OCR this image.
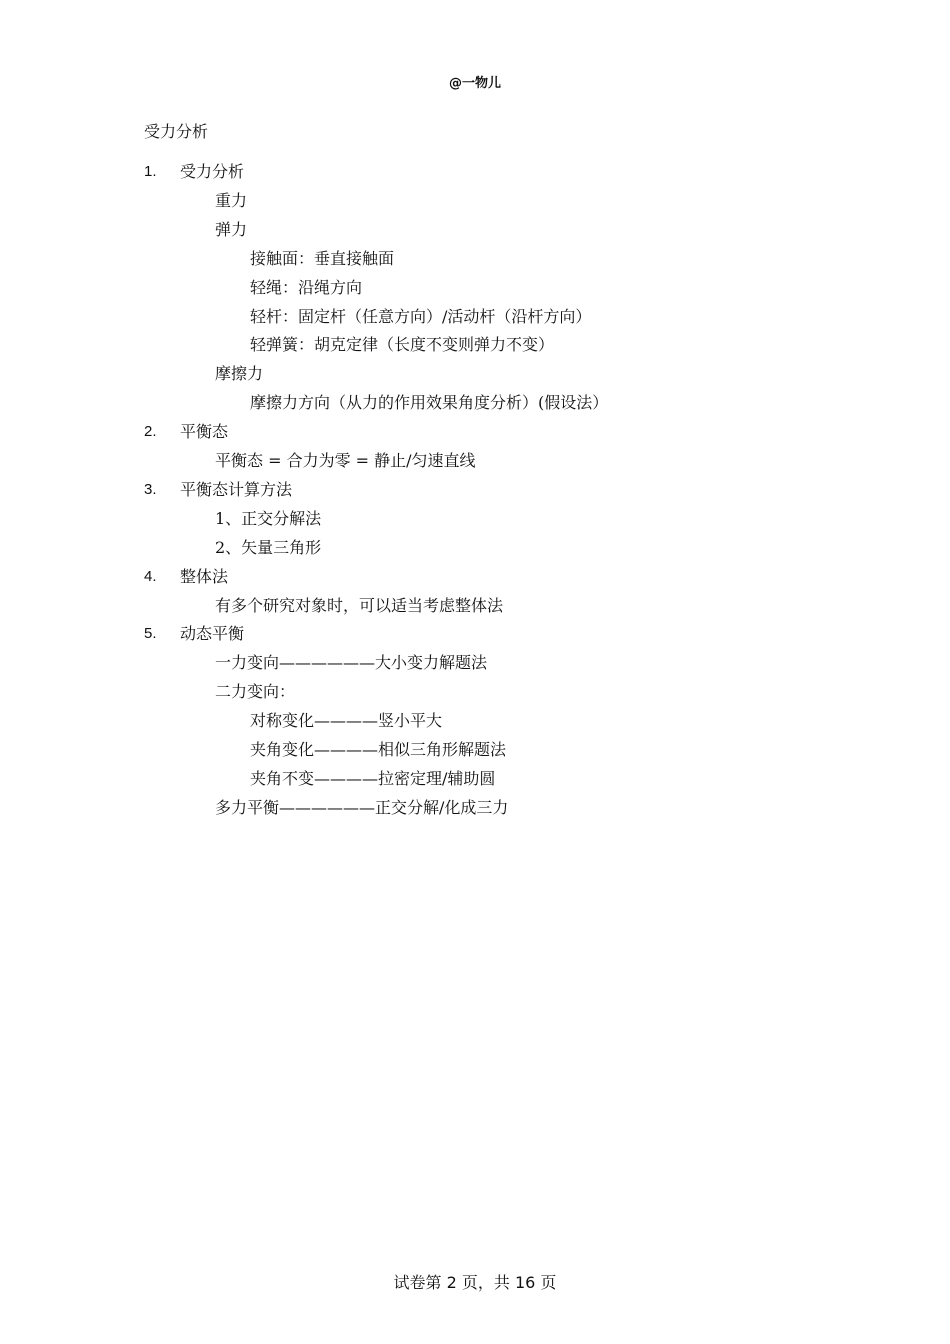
@一物儿
受力分析
1. 受力分析
重力
弹力
接触面：垂直接触面
轻绳：沿绳方向
轻杆：固定杆（任意方向）/活动杆（沿杆方向）
轻弹簧：胡克定律（长度不变则弹力不变）
摩擦力
摩擦力方向（从力的作用效果角度分析）(假设法）
2. 平衡态
平衡态 = 合力为零 = 静止/匀速直线
3. 平衡态计算方法
1、正交分解法
2、矢量三角形
4. 整体法
有多个研究对象时，可以适当考虑整体法
5. 动态平衡
一力变向——————大小变力解题法
二力变向：
对称变化————竖小平大
夹角变化————相似三角形解题法
夹角不变————拉密定理/辅助圆
多力平衡——————正交分解/化成三力
试卷第 2 页，共 16 页
